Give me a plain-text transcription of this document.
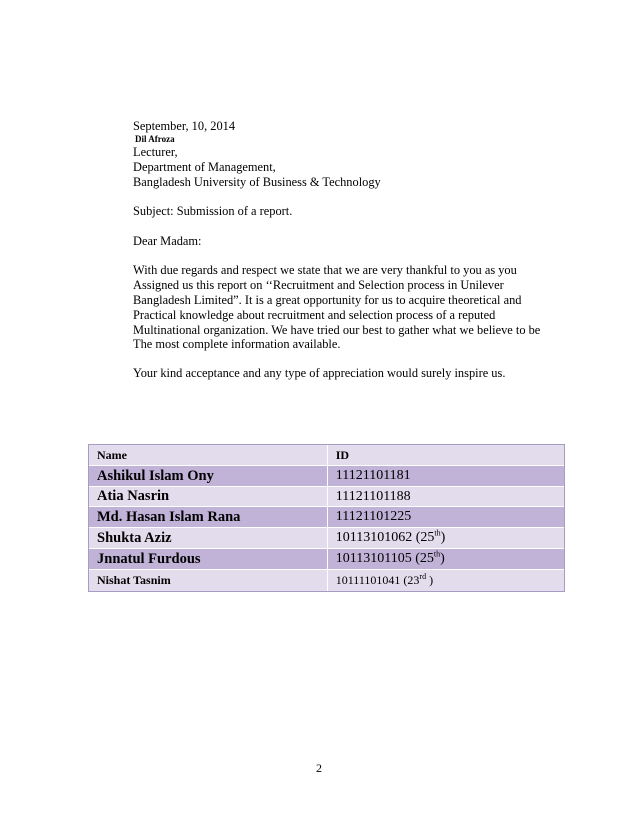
September, 10, 2014
Dil Afroza
Lecturer,
Department of Management,
Bangladesh University of Business & Technology
Subject: Submission of a report.
Dear Madam:
With due regards and respect we state that we are very thankful to you as you
Assigned us this report on ‘‘Recruitment and Selection process in Unilever
Bangladesh Limited”. It is a great opportunity for us to acquire theoretical and
Practical knowledge about recruitment and selection process of a reputed
Multinational organization. We have tried our best to gather what we believe to be
The most complete information available.
Your kind acceptance and any type of appreciation would surely inspire us.
Name	ID
Ashikul Islam Ony	11121101181
Atia Nasrin	11121101188
Md. Hasan Islam Rana	11121101225
Shukta Aziz	10113101062 (25th)
Jnnatul Furdous	10113101105 (25th)
Nishat Tasnim	10111101041 (23rd )
2
